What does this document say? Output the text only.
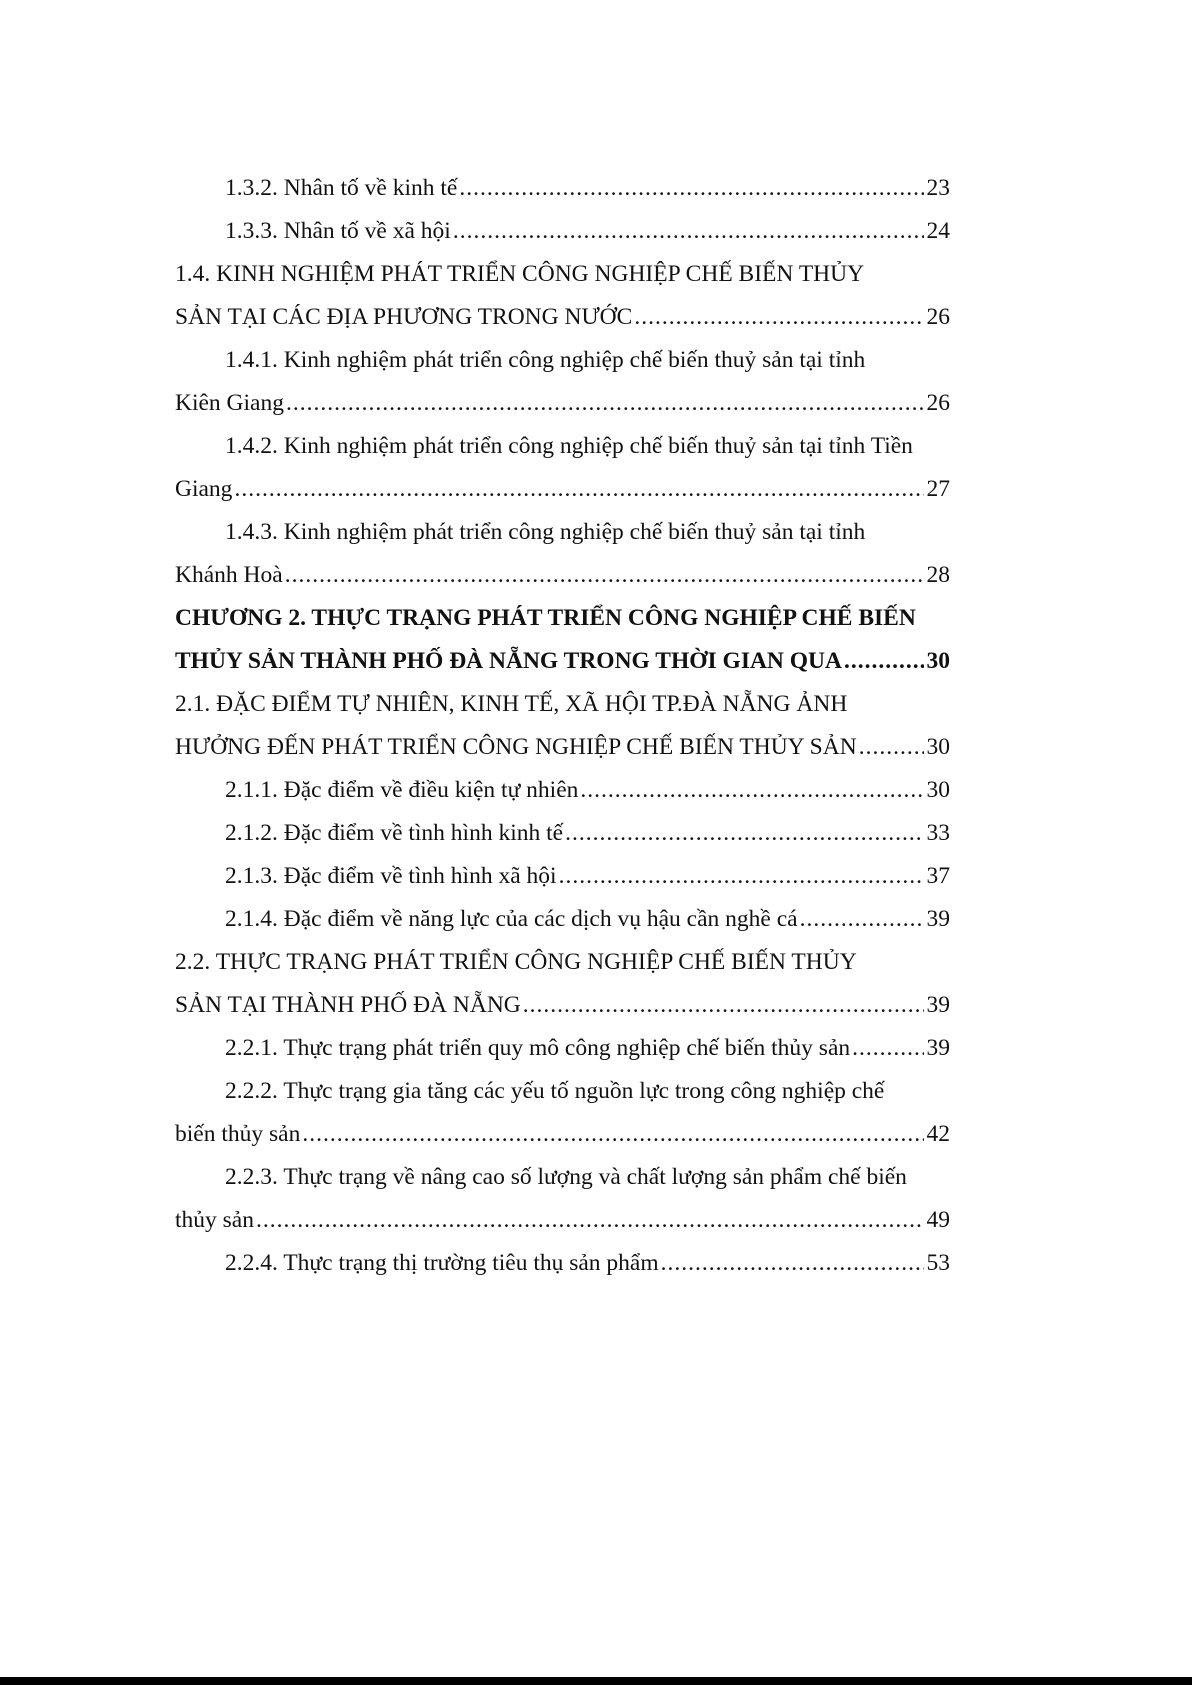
1.3.2. Nhân tố về kinh tế .....	23
1.3.3. Nhân tố về xã hội .....	24
1.4. KINH NGHIỆM PHÁT TRIỂN CÔNG NGHIỆP CHẾ BIẾN THỦY
SẢN TẠI CÁC ĐỊA PHƯƠNG TRONG NƯỚC .....	26
1.4.1. Kinh nghiệm phát triển công nghiệp chế biến thuỷ sản tại tỉnh
Kiên Giang .....	26
1.4.2. Kinh nghiệm phát triển công nghiệp chế biến thuỷ sản tại tỉnh Tiền
Giang .....	27
1.4.3. Kinh nghiệm phát triển công nghiệp chế biến thuỷ sản tại tỉnh
Khánh Hoà .....	28
CHƯƠNG 2. THỰC TRẠNG PHÁT TRIỂN CÔNG NGHIỆP CHẾ BIẾN
THỦY SẢN THÀNH PHỐ ĐÀ NẴNG TRONG THỜI GIAN QUA .....	30
2.1. ĐẶC ĐIỂM TỰ NHIÊN, KINH TẾ, XÃ HỘI TP.ĐÀ NẴNG ẢNH
HƯỞNG ĐẾN PHÁT TRIỂN CÔNG NGHIỆP CHẾ BIẾN THỦY SẢN .....	30
2.1.1. Đặc điểm về điều kiện tự nhiên .....	30
2.1.2. Đặc điểm về tình hình kinh tế .....	33
2.1.3. Đặc điểm về tình hình xã hội .....	37
2.1.4. Đặc điểm về năng lực của các dịch vụ hậu cần nghề cá .....	39
2.2. THỰC TRẠNG PHÁT TRIỂN CÔNG NGHIỆP CHẾ BIẾN THỦY
SẢN TẠI THÀNH PHỐ ĐÀ NẴNG .....	39
2.2.1. Thực trạng phát triển quy mô công nghiệp chế biến thủy sản .....	39
2.2.2. Thực trạng gia tăng các yếu tố nguồn lực trong công nghiệp chế
biến thủy sản .....	42
2.2.3. Thực trạng về nâng cao số lượng và chất lượng sản phẩm chế biến
thủy sản .....	49
2.2.4. Thực trạng thị trường tiêu thụ sản phẩm .....	53
